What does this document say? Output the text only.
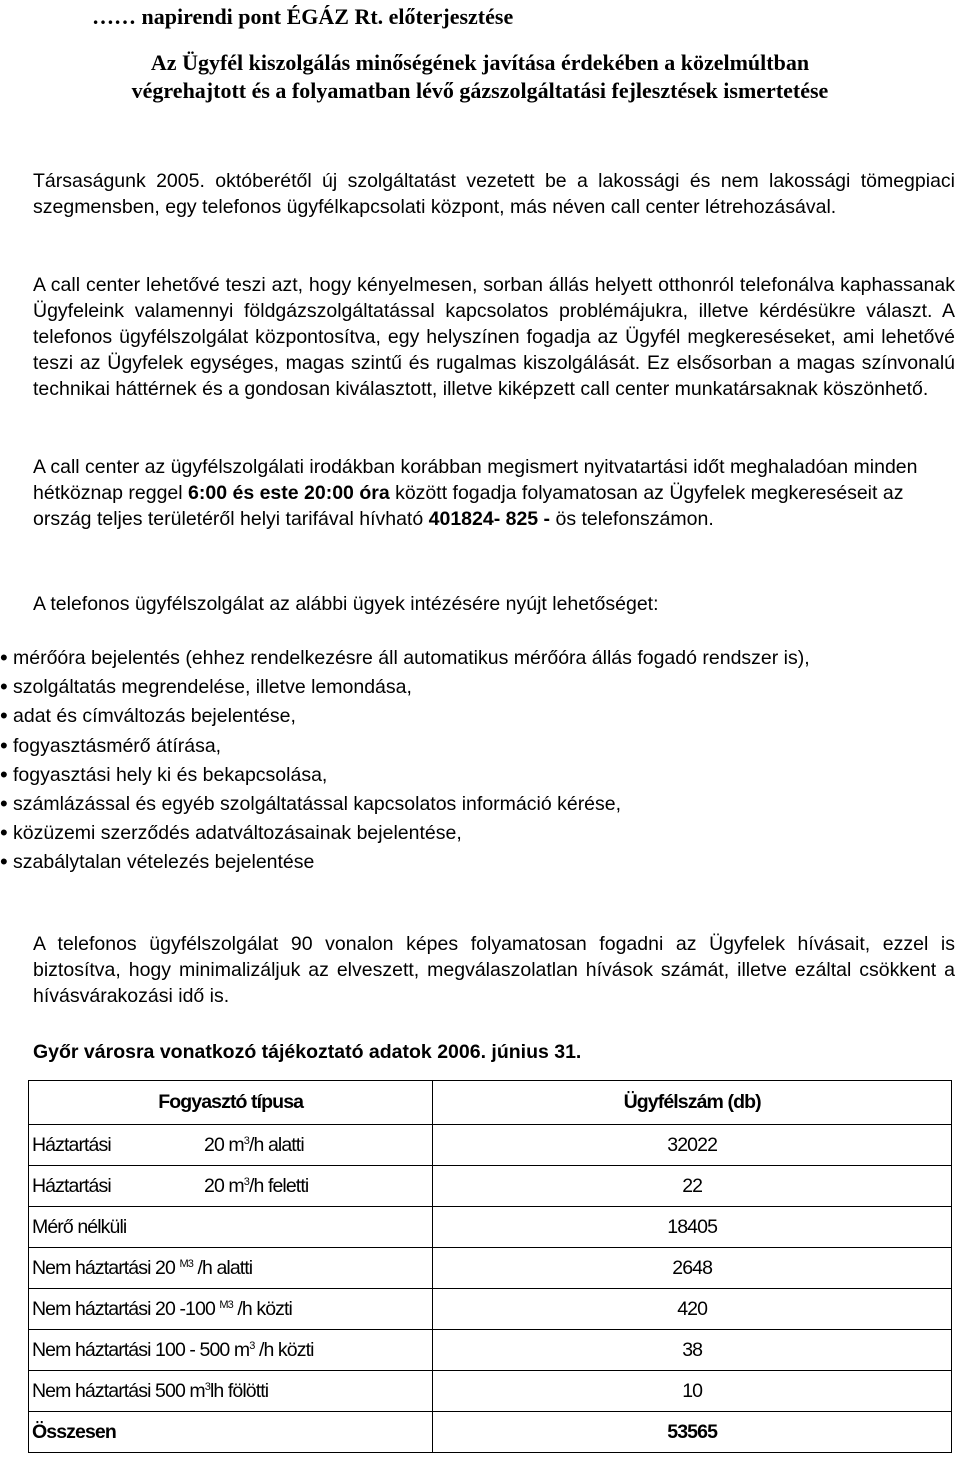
…… napirendi pont ÉGÁZ Rt. előterjesztése
Az Ügyfél kiszolgálás minőségének javítása érdekében a közelmúltban
végrehajtott és a folyamatban lévő gázszolgáltatási fejlesztések ismertetése
Társaságunk 2005. októberétől új szolgáltatást vezetett be a lakossági és nem lakossági tömegpiaci szegmensben, egy telefonos ügyfélkapcsolati központ, más néven call center létrehozásával.
A call center lehetővé teszi azt, hogy kényelmesen, sorban állás helyett otthonról telefonálva kaphassanak Ügyfeleink valamennyi földgázszolgáltatással kapcsolatos problémájukra, illetve kérdésükre választ. A telefonos ügyfélszolgálat központosítva, egy helyszínen fogadja az Ügyfél megkereséseket, ami lehetővé teszi az Ügyfelek egységes, magas szintű és rugalmas kiszolgálását. Ez elsősorban a magas színvonalú technikai háttérnek és a gondosan kiválasztott, illetve kiképzett call center munkatársaknak köszönhető.
A call center az ügyfélszolgálati irodákban korábban megismert nyitvatartási időt meghaladóan minden hétköznap reggel 6:00 és este 20:00 óra között fogadja folyamatosan az Ügyfelek megkereséseit az ország teljes területéről helyi tarifával hívható 401824- 825 - ös telefonszámon.
A telefonos ügyfélszolgálat az alábbi ügyek intézésére nyújt lehetőséget:
• mérőóra bejelentés (ehhez rendelkezésre áll automatikus mérőóra állás fogadó rendszer is),
• szolgáltatás megrendelése, illetve lemondása,
• adat és címváltozás bejelentése,
• fogyasztásmérő átírása,
• fogyasztási hely ki és bekapcsolása,
• számlázással és egyéb szolgáltatással kapcsolatos információ kérése,
• közüzemi szerződés adatváltozásainak bejelentése,
• szabálytalan vételezés bejelentése
A telefonos ügyfélszolgálat 90 vonalon képes folyamatosan fogadni az Ügyfelek hívásait, ezzel is biztosítva, hogy minimalizáljuk az elveszett, megválaszolatlan hívások számát, illetve ezáltal csökkent a hívásvárakozási idő is.
Győr városra vonatkozó tájékoztató adatok 2006. június 31.
Fogyasztó típusa	Ügyfélszám (db)
Háztartási 20 $m^3/h$ alatti	32022
Háztartási 20 $m^3/h$ feletti	22
Mérő nélküli	18405
Nem háztartási 20 $^{M3}$ /h alatti	2648
Nem háztartási 20 -100 $^{M3}$ /h közti	420
Nem háztartási 100 - 500 $m^3$ /h közti	38
Nem háztartási 500 $m^3lh$ fölötti	10
Összesen	53565
